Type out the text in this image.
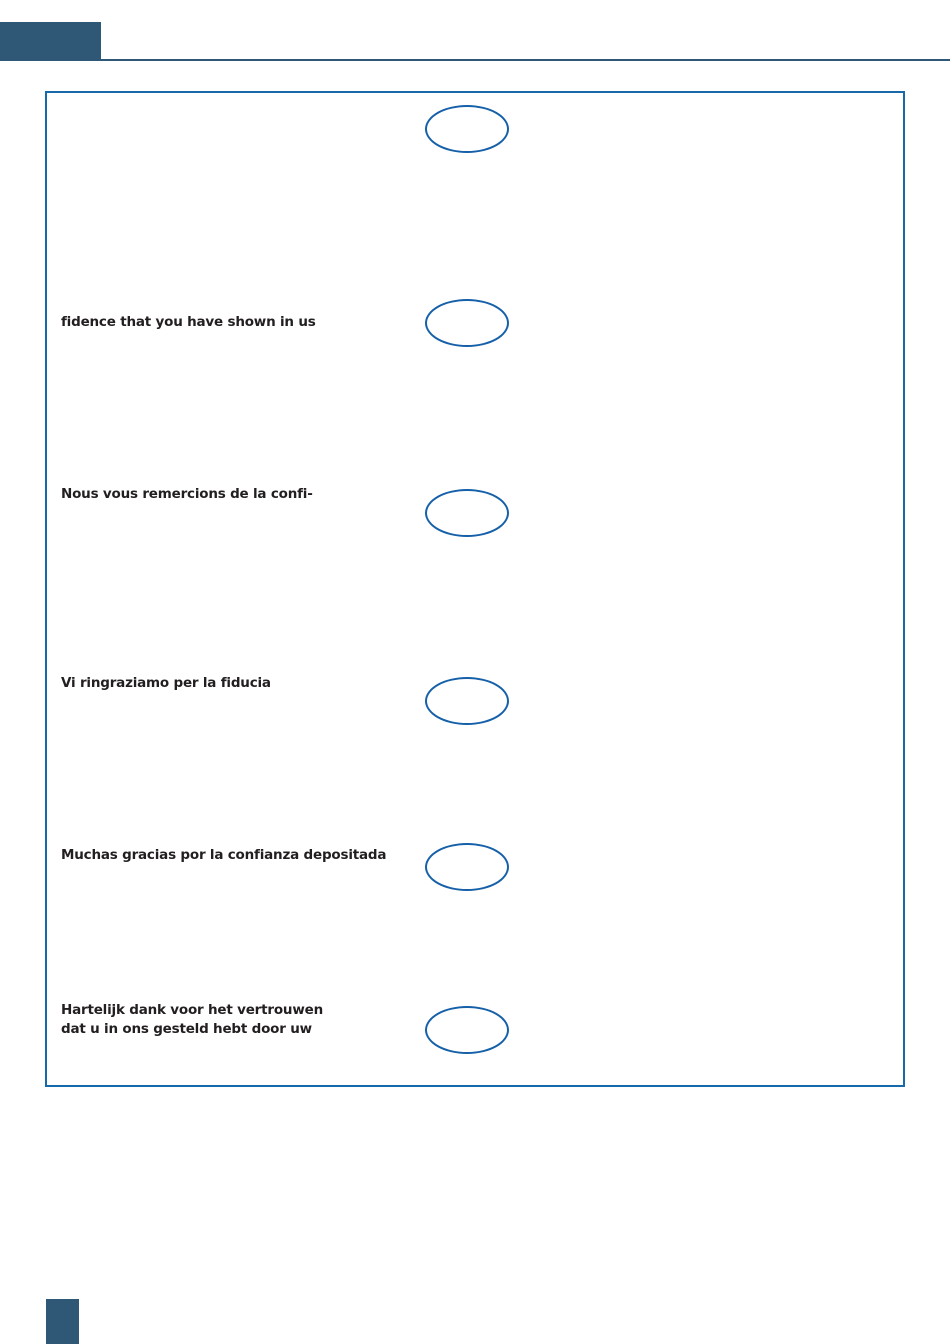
fidence that you have shown in us
Nous vous remercions de la confi-
Vi ringraziamo per la fiducia
Muchas gracias por la confianza depositada
Hartelijk dank voor het vertrouwen
dat u in ons gesteld hebt door uw
